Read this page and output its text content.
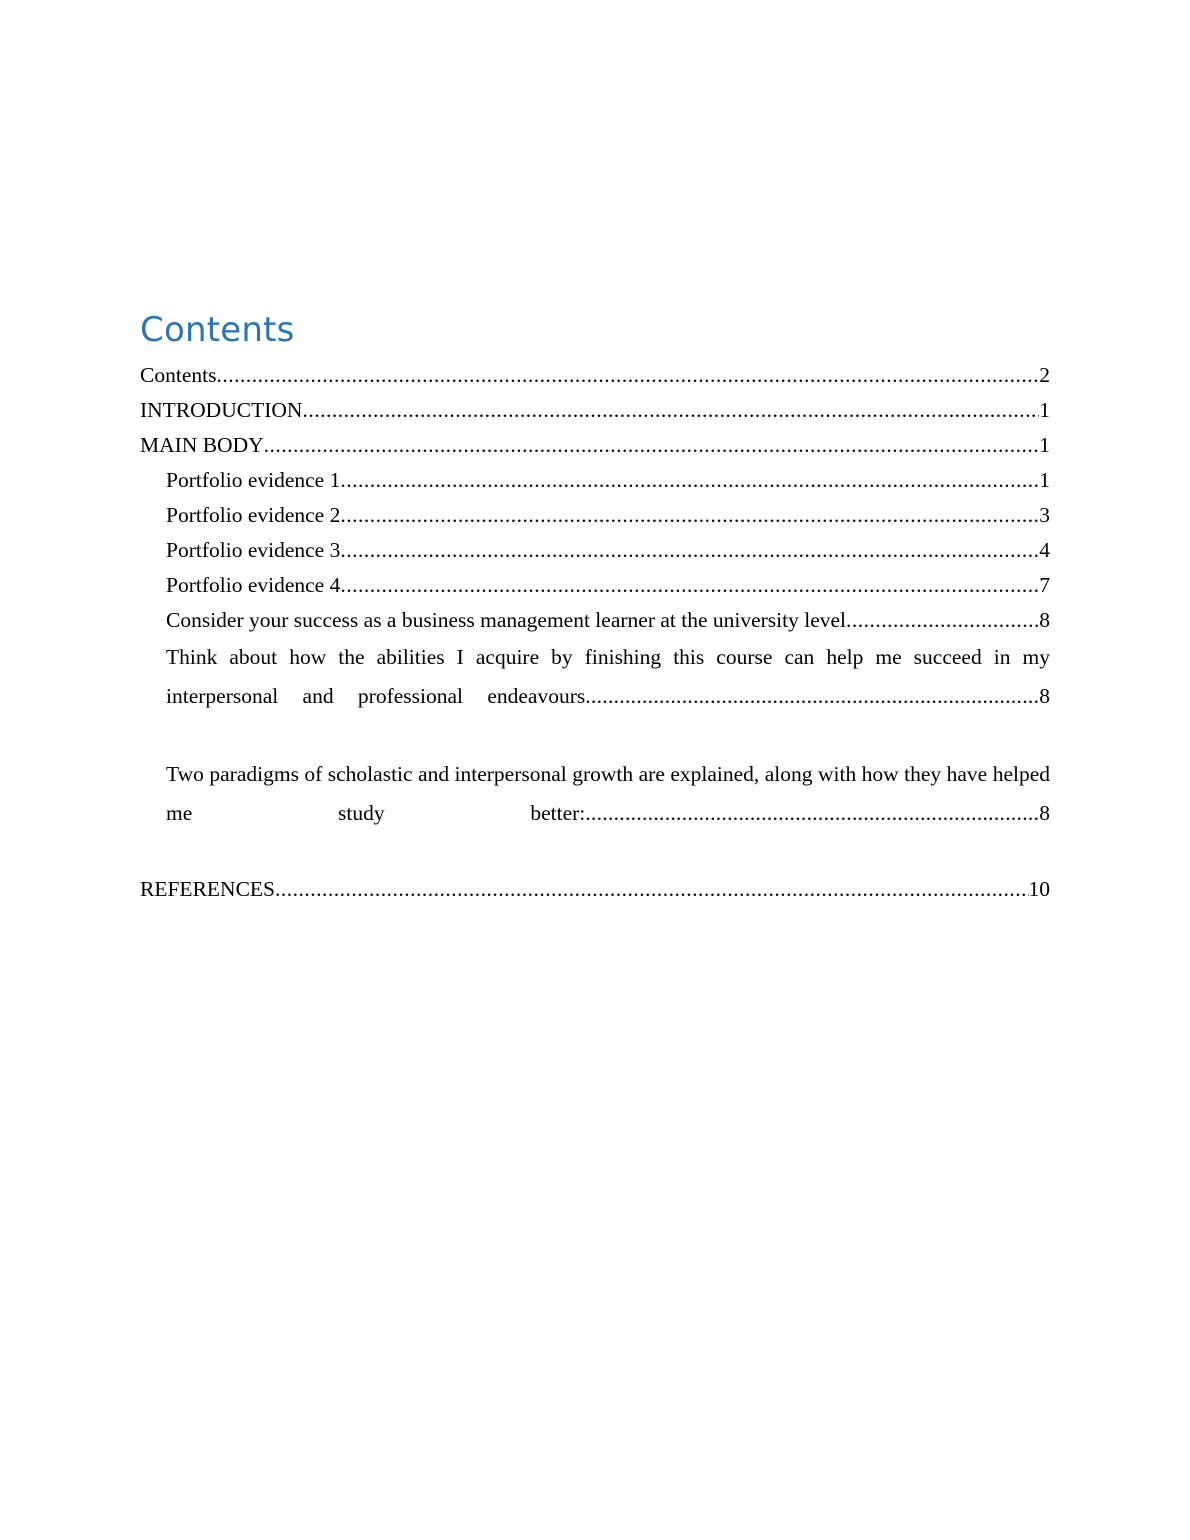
Contents
Contents .....	2
INTRODUCTION .....	1
MAIN BODY .....	1
Portfolio evidence 1 .....	1
Portfolio evidence 2 .....	3
Portfolio evidence 3 .....	4
Portfolio evidence 4 .....	7
Consider your success as a business management learner at the university level .....	8
Think about how the abilities I acquire by finishing this course can help me succeed in my interpersonal and professional endeavours................................................................................8
Two paradigms of scholastic and interpersonal growth are explained, along with how they have helped me study better:................................................................................8
REFERENCES .....	10
